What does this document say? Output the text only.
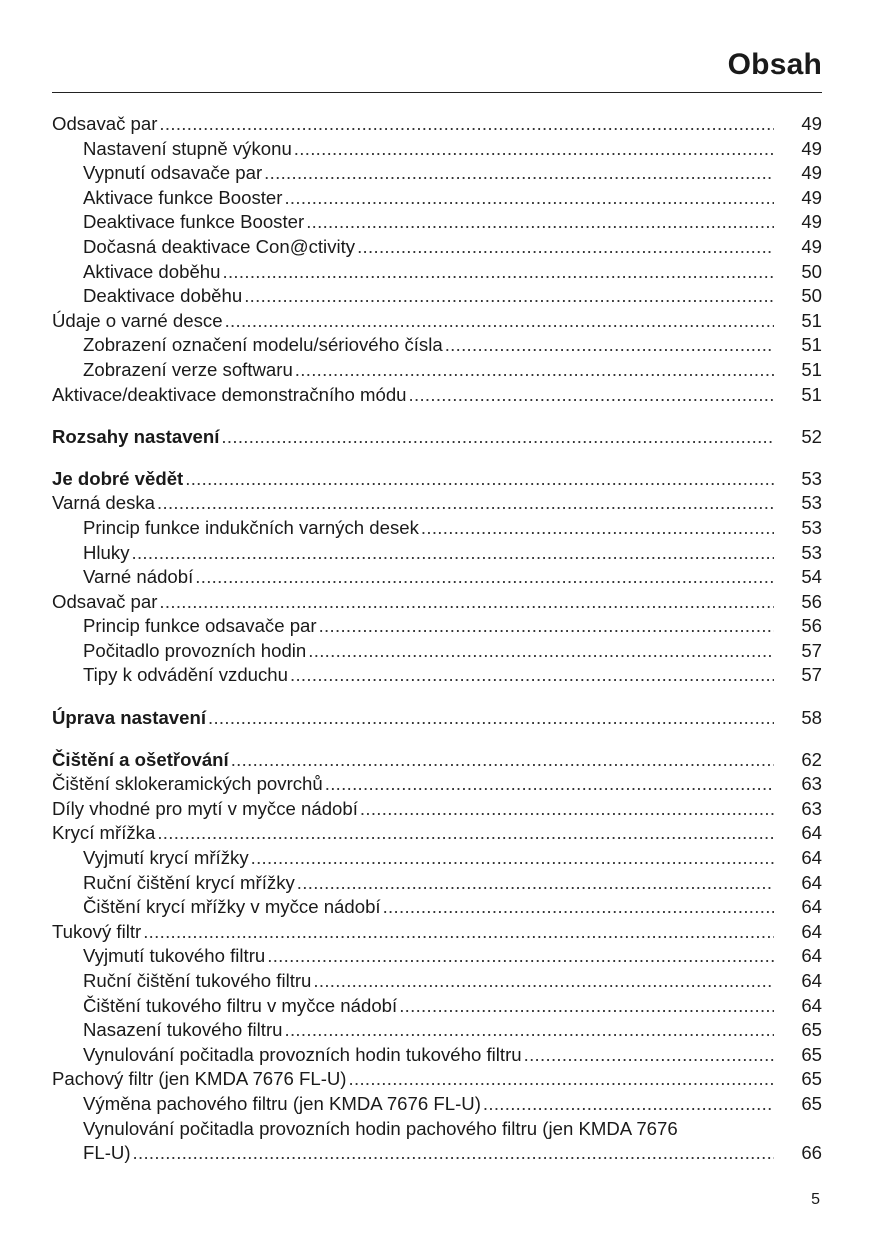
Obsah
Odsavač par .....	49
Nastavení stupně výkonu .....	49
Vypnutí odsavače par .....	49
Aktivace funkce Booster .....	49
Deaktivace funkce Booster .....	49
Dočasná deaktivace Con@ctivity .....	49
Aktivace doběhu .....	50
Deaktivace doběhu .....	50
Údaje o varné desce .....	51
Zobrazení označení modelu/sériového čísla .....	51
Zobrazení verze softwaru .....	51
Aktivace/deaktivace demonstračního módu .....	51
Rozsahy nastavení .....	52
Je dobré vědět .....	53
Varná deska .....	53
Princip funkce indukčních varných desek .....	53
Hluky .....	53
Varné nádobí .....	54
Odsavač par .....	56
Princip funkce odsavače par .....	56
Počitadlo provozních hodin .....	57
Tipy k odvádění vzduchu .....	57
Úprava nastavení .....	58
Čištění a ošetřování .....	62
Čištění sklokeramických povrchů .....	63
Díly vhodné pro mytí v myčce nádobí .....	63
Krycí mřížka .....	64
Vyjmutí krycí mřížky .....	64
Ruční čištění krycí mřížky .....	64
Čištění krycí mřížky v myčce nádobí .....	64
Tukový filtr .....	64
Vyjmutí tukového filtru .....	64
Ruční čištění tukového filtru .....	64
Čištění tukového filtru v myčce nádobí .....	64
Nasazení tukového filtru .....	65
Vynulování počitadla provozních hodin tukového filtru .....	65
Pachový filtr (jen KMDA 7676 FL-U) .....	65
Výměna pachového filtru (jen KMDA 7676 FL-U) .....	65
Vynulování počitadla provozních hodin pachového filtru (jen KMDA 7676
FL-U) .....	66
5
